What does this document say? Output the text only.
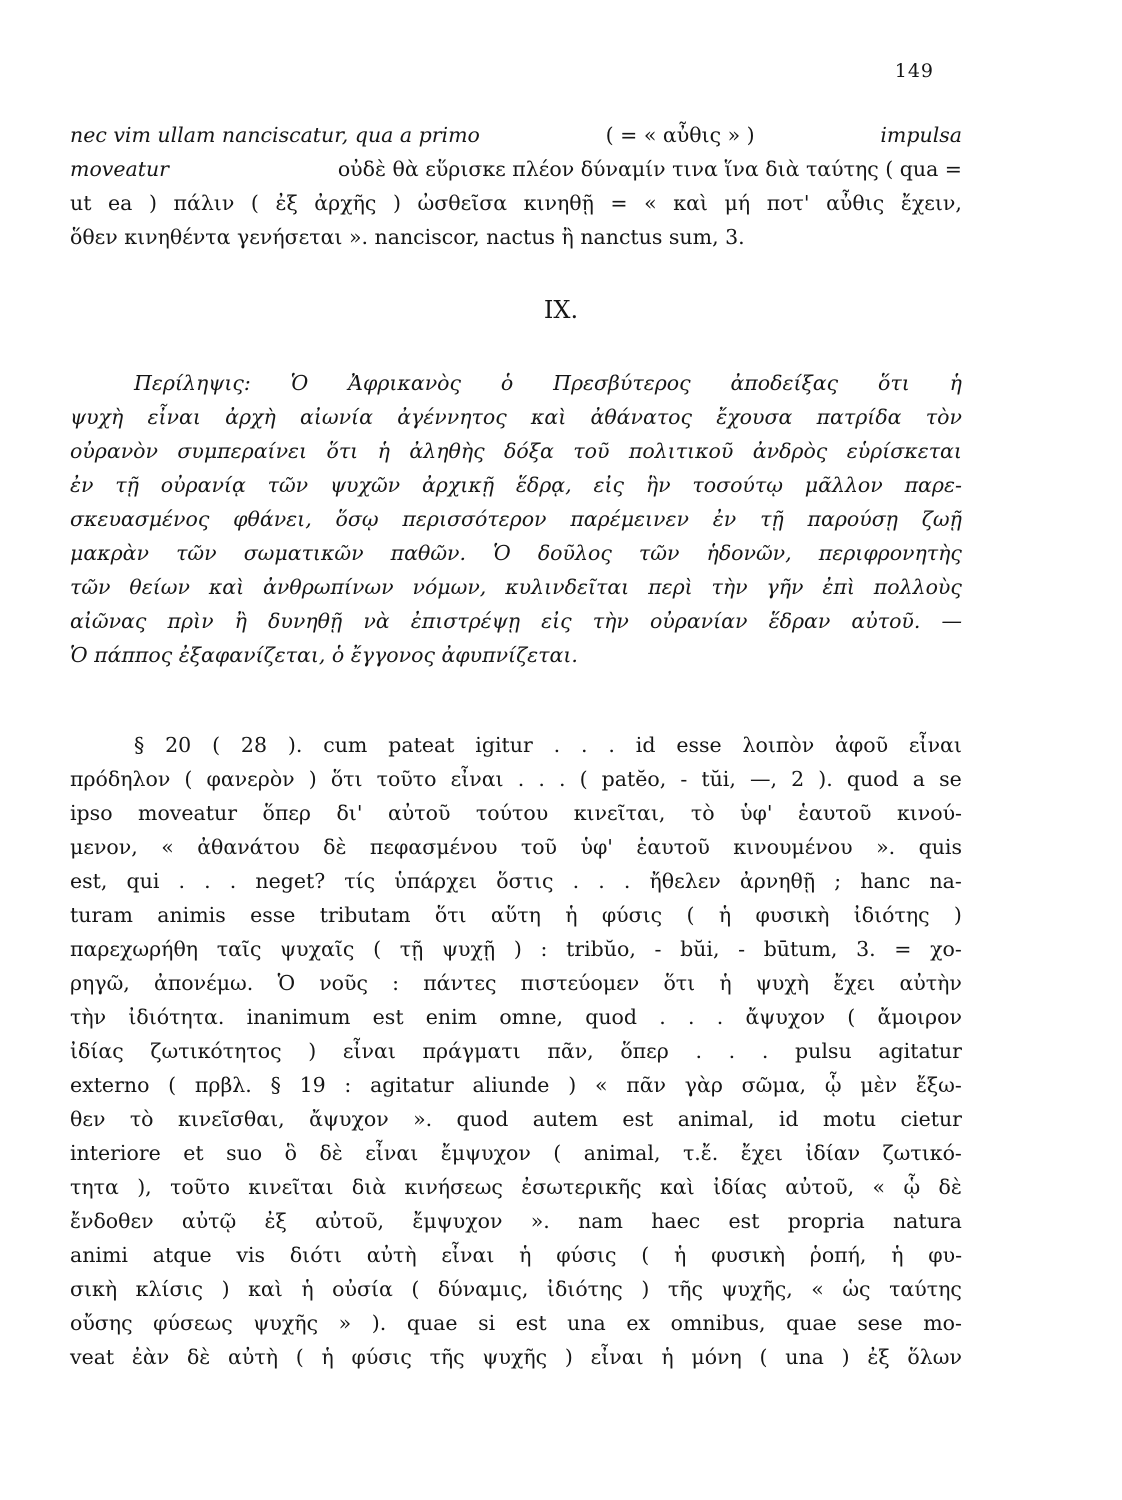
149
nec vim ullam nanciscatur, qua a primo	( = « αὖθις » )	impulsa
moveatur	οὐδὲ θὰ εὕρισκε πλέον δύναμίν τινα ἵνα διὰ ταύτης ( qua =
ut ea ) πάλιν ( ἐξ ἀρχῆς ) ὠσθεῖσα κινηθῇ = « καὶ μή ποτ' αὖθις ἔχειν,
ὅθεν κινηθέντα γενήσεται ». nanciscor, nactus ἢ nanctus sum, 3.
IX.
Περίληψις: Ὁ Ἀφρικανὸς ὁ Πρεσβύτερος ἀποδείξας ὅτι ἡ
ψυχὴ εἶναι ἀρχὴ αἰωνία ἀγέννητος καὶ ἀθάνατος ἔχουσα πατρίδα τὸν
οὐρανὸν συμπεραίνει ὅτι ἡ ἀληθὴς δόξα τοῦ πολιτικοῦ ἀνδρὸς εὑρίσκεται
ἐν τῇ οὐρανίᾳ τῶν ψυχῶν ἀρχικῇ ἕδρᾳ, εἰς ἣν τοσούτῳ μᾶλλον παρε-
σκευασμένος φθάνει, ὅσῳ περισσότερον παρέμεινεν ἐν τῇ παρούσῃ ζωῇ
μακρὰν τῶν σωματικῶν παθῶν. Ὁ δοῦλος τῶν ἡδονῶν, περιφρονητὴς
τῶν θείων καὶ ἀνθρωπίνων νόμων, κυλινδεῖται περὶ τὴν γῆν ἐπὶ πολλοὺς
αἰῶνας πρὶν ἢ δυνηθῇ νὰ ἐπιστρέψῃ εἰς τὴν οὐρανίαν ἕδραν αὐτοῦ. —
Ὁ πάππος ἐξαφανίζεται, ὁ ἔγγονος ἀφυπνίζεται.
§ 20 ( 28 ). cum pateat igitur . . . id esse λοιπὸν ἀφοῦ εἶναι
πρόδηλον ( φανερὸν ) ὅτι τοῦτο εἶναι . . . ( patĕo, - tŭi, —, 2 ). quod a se
ipso moveatur ὅπερ δι' αὐτοῦ τούτου κινεῖται, τὸ ὑφ' ἑαυτοῦ κινού-
μενον, « ἀθανάτου δὲ πεφασμένου τοῦ ὑφ' ἑαυτοῦ κινουμένου ». quis
est, qui . . . neget? τίς ὑπάρχει ὅστις . . . ἤθελεν ἀρνηθῇ ; hanc na-
turam animis esse tributam ὅτι αὕτη ἡ φύσις ( ἡ φυσικὴ ἰδιότης )
παρεχωρήθη ταῖς ψυχαῖς ( τῇ ψυχῇ ) : tribŭo, - bŭi, - būtum, 3. = χο-
ρηγῶ, ἀπονέμω. Ὁ νοῦς : πάντες πιστεύομεν ὅτι ἡ ψυχὴ ἔχει αὐτὴν
τὴν ἰδιότητα. inanimum est enim omne, quod . . . ἄψυχον ( ἄμοιρον
ἰδίας ζωτικότητος ) εἶναι πράγματι πᾶν, ὅπερ . . . pulsu agitatur
externo ( πρβλ. § 19 : agitatur aliunde ) « πᾶν γὰρ σῶμα, ᾧ μὲν ἔξω-
θεν τὸ κινεῖσθαι, ἄψυχον ». quod autem est animal, id motu cietur
interiore et suo ὃ δὲ εἶναι ἔμψυχον ( animal, τ.ἔ. ἔχει ἰδίαν ζωτικό-
τητα ), τοῦτο κινεῖται διὰ κινήσεως ἐσωτερικῆς καὶ ἰδίας αὐτοῦ, « ᾧ δὲ
ἔνδοθεν αὐτῷ ἐξ αὐτοῦ, ἔμψυχον ». nam haec est propria natura
animi atque vis διότι αὐτὴ εἶναι ἡ φύσις ( ἡ φυσικὴ ῥοπή, ἡ φυ-
σικὴ κλίσις ) καὶ ἡ οὐσία ( δύναμις, ἰδιότης ) τῆς ψυχῆς, « ὡς ταύτης
οὔσης φύσεως ψυχῆς » ). quae si est una ex omnibus, quae sese mo-
veat ἐὰν δὲ αὐτὴ ( ἡ φύσις τῆς ψυχῆς ) εἶναι ἡ μόνη ( una ) ἐξ ὅλων
